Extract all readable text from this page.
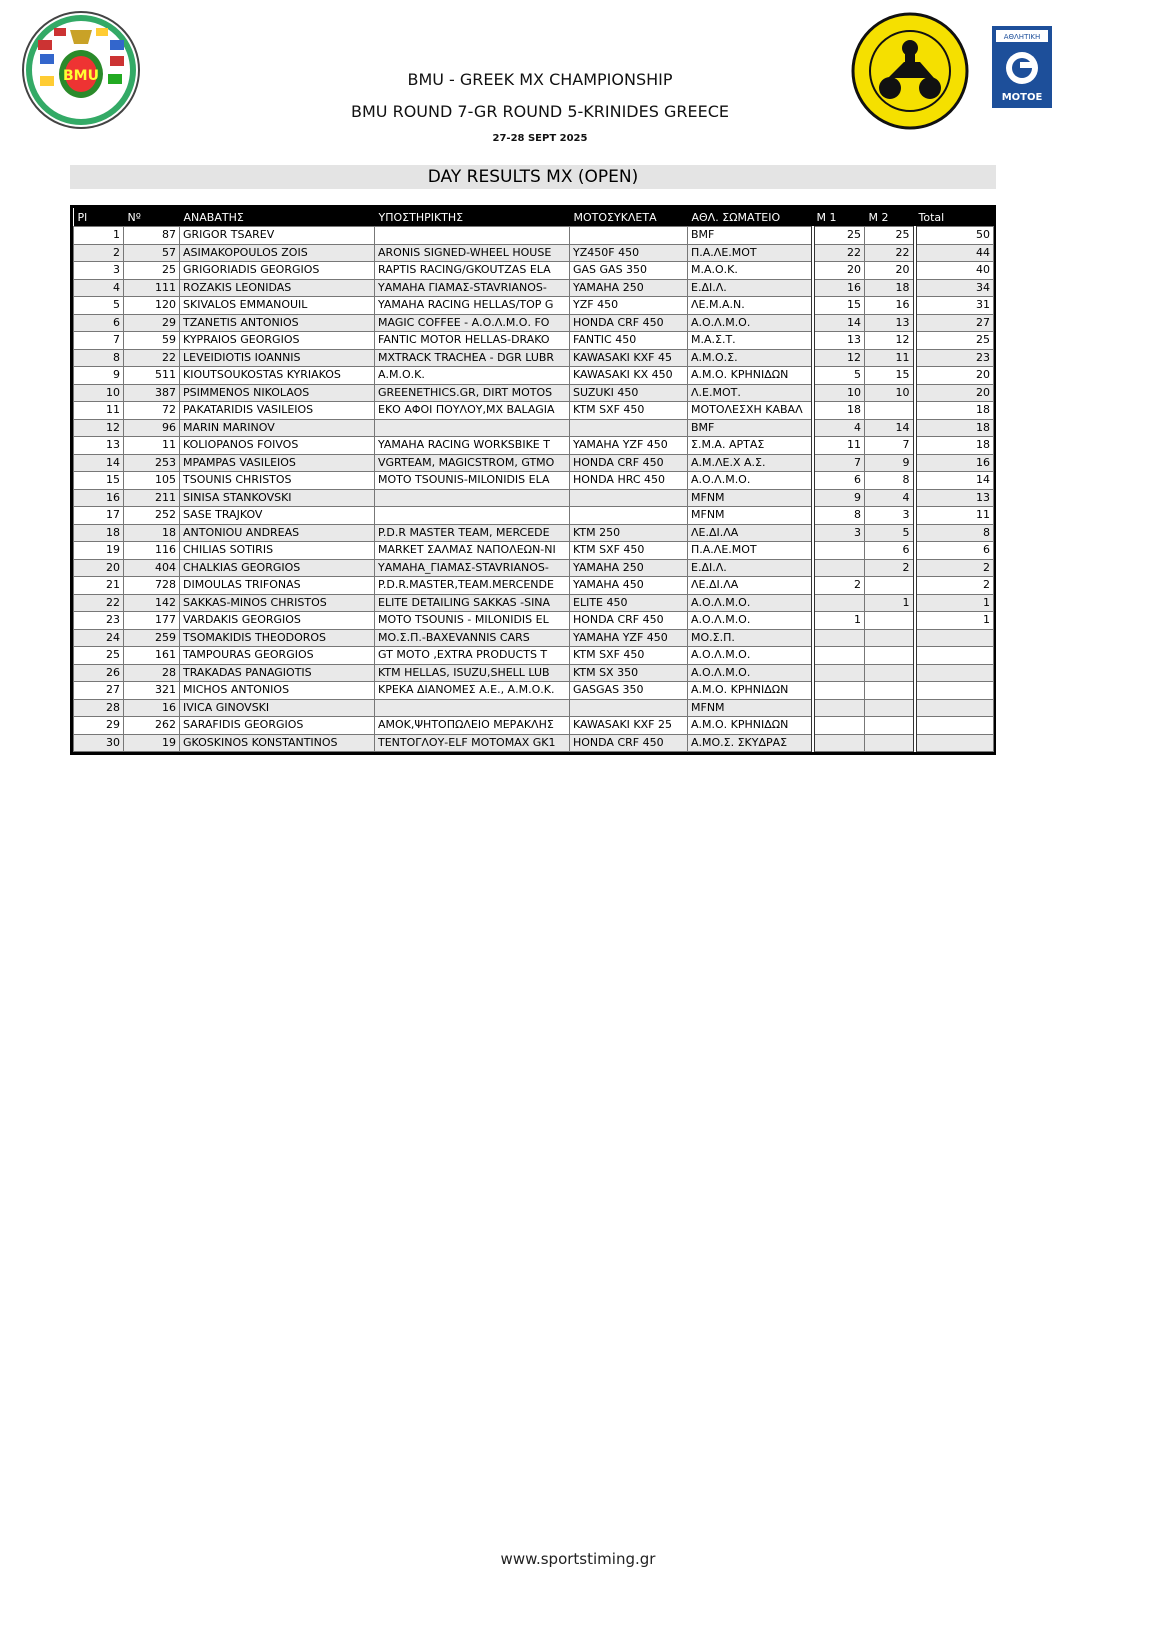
BMU
ΑΘΛΗΤΙΚΗ
ΜΟΤΟΕ
BMU - GREEK MX CHAMPIONSHIP
BMU ROUND 7-GR ROUND 5-KRINIDES GREECE
27-28 SEPT 2025
DAY RESULTS MX (OPEN)
Pl	Nº	ΑΝΑΒΑΤΗΣ	ΥΠΟΣΤΗΡΙΚΤΗΣ	ΜΟΤΟΣΥΚΛΕΤΑ	ΑΘΛ. ΣΩΜΑΤΕΙΟ	M 1	M 2	Total
1	87	GRIGOR TSAREV			BMF	25	25	50
2	57	ASIMAKOPOULOS ZOIS	ARONIS SIGNED-WHEEL HOUSE	YZ450F 450	Π.Α.ΛΕ.ΜΟΤ	22	22	44
3	25	GRIGORIADIS GEORGIOS	RAPTIS RACING/GKOUTZAS ELA	GAS GAS 350	Μ.Α.Ο.Κ.	20	20	40
4	111	ROZAKIS LEONIDAS	ΥΑΜΑΗΑ ΓΙΑΜΑΣ-STAVRIANOS-	YAMAHA 250	Ε.ΔΙ.Λ.	16	18	34
5	120	SKIVALOS EMMANOUIL	YAMAHA RACING HELLAS/TOP G	YZF 450	ΛΕ.Μ.Α.Ν.	15	16	31
6	29	TZANETIS ANTONIOS	MAGIC COFFEE - Α.Ο.Λ.Μ.Ο. FO	HONDA CRF 450	Α.Ο.Λ.Μ.Ο.	14	13	27
7	59	KYPRAIOS GEORGIOS	FANTIC MOTOR HELLAS-DRAKO	FANTIC 450	Μ.Α.Σ.Τ.	13	12	25
8	22	LEVEIDIOTIS IOANNIS	MXTRACK TRACHEA - DGR LUBR	KAWASAKI KXF 45	Α.Μ.Ο.Σ.	12	11	23
9	511	KIOUTSOUKOSTAS KYRIAKOS	Α.Μ.Ο.Κ.	KAWASAKI KX 450	Α.Μ.Ο. ΚΡΗΝΙΔΩΝ	5	15	20
10	387	PSIMMENOS NIKOLAOS	GREENETHICS.GR, DIRT MOTOS	SUZUKI 450	Λ.Ε.ΜΟΤ.	10	10	20
11	72	PAKATARIDIS VASILEIOS	ΕΚΟ ΑΦΟΙ ΠΟΥΛΟΥ,ΜΧ BALAGIA	KTM SXF 450	ΜΟΤΟΛΕΣΧΗ ΚΑΒΑΛ	18		18
12	96	MARIN MARINOV			BMF	4	14	18
13	11	KOLIOPANOS FOIVOS	YAMAHA RACING WORKSBIKE T	YAMAHA YZF 450	Σ.Μ.Α. ΑΡΤΑΣ	11	7	18
14	253	MPAMPAS VASILEIOS	VGRTEAM, MAGICSTROM, GTMO	HONDA CRF 450	Α.Μ.ΛΕ.Χ Α.Σ.	7	9	16
15	105	TSOUNIS CHRISTOS	MOTO TSOUNIS-MILONIDIS ELA	HONDA HRC 450	Α.Ο.Λ.Μ.Ο.	6	8	14
16	211	SINISA STANKOVSKI			MFNM	9	4	13
17	252	SASE TRAJKOV			MFNM	8	3	11
18	18	ANTONIOU ANDREAS	P.D.R MASTER TEAM, MERCEDE	KTM 250	ΛΕ.ΔΙ.ΛΑ	3	5	8
19	116	CHILIAS SOTIRIS	MARKET ΣΑΛΜΑΣ ΝΑΠΟΛΕΩΝ-ΝΙ	KTM SXF 450	Π.Α.ΛΕ.ΜΟΤ		6	6
20	404	CHALKIAS GEORGIOS	ΥΑΜΑΗΑ_ΓΙΑΜΑΣ-STAVRIANOS-	YAMAHA 250	Ε.ΔΙ.Λ.		2	2
21	728	DIMOULAS TRIFONAS	P.D.R.MASTER,TEAM.MERCENDE	YAMAHA 450	ΛΕ.ΔΙ.ΛΑ	2		2
22	142	SAKKAS-MINOS CHRISTOS	ELITE DETAILING SAKKAS -SINA	ELITE 450	Α.Ο.Λ.Μ.Ο.		1	1
23	177	VARDAKIS GEORGIOS	MOTO TSOUNIS - MILONIDIS EL	HONDA CRF 450	Α.Ο.Λ.Μ.Ο.	1		1
24	259	TSOMAKIDIS THEODOROS	ΜΟ.Σ.Π.-ΒΑΧΕVANNIS CARS	YAMAHA YZF 450	ΜΟ.Σ.Π.			
25	161	TAMPOURAS GEORGIOS	GT MOTO ,EXTRA PRODUCTS T	KTM SXF 450	Α.Ο.Λ.Μ.Ο.			
26	28	TRAKADAS PANAGIOTIS	KTM HELLAS, ISUZU,SHELL LUB	KTM SX 350	Α.Ο.Λ.Μ.Ο.			
27	321	MICHOS ANTONIOS	ΚΡΕΚΑ ΔΙΑΝΟΜΕΣ Α.Ε., Α.Μ.Ο.Κ.	GASGAS 350	Α.Μ.Ο. ΚΡΗΝΙΔΩΝ			
28	16	IVICA GINOVSKI			MFNM			
29	262	SARAFIDIS GEORGIOS	ΑΜΟΚ,ΨΗΤΟΠΩΛΕΙΟ ΜΕΡΑΚΛΗΣ	KAWASAKI KXF 25	Α.Μ.Ο. ΚΡΗΝΙΔΩΝ			
30	19	GKOSKINOS KONSTANTINOS	ΤΕΝΤΟΓΛΟΥ-ELF MOTOMAX GK1	HONDA CRF 450	Α.ΜΟ.Σ. ΣΚΥΔΡΑΣ			
www.sportstiming.gr
